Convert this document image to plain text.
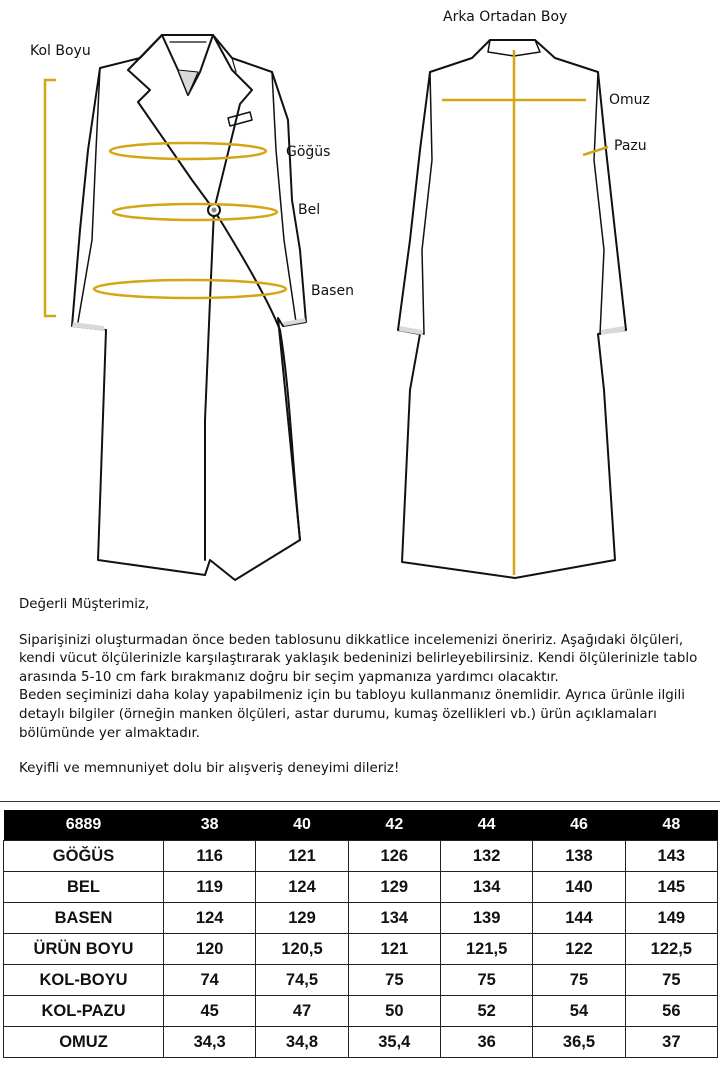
Kol Boyu
Göğüs
Bel
Basen
Arka Ortadan Boy
Omuz
Pazu

Değerli Müşterimiz,

Siparişinizi oluşturmadan önce beden tablosunu dikkatlice incelemenizi öneririz. Aşağıdaki ölçüleri, kendi vücut ölçülerinizle karşılaştırarak yaklaşık bedeninizi belirleyebilirsiniz. Kendi ölçülerinizle tablo arasında 5-10 cm fark bırakmanız doğru bir seçim yapmanıza yardımcı olacaktır.

Beden seçiminizi daha kolay yapabilmeniz için bu tabloyu kullanmanız önemlidir. Ayrıca ürünle ilgili detaylı bilgiler (örneğin manken ölçüleri, astar durumu, kumaş özellikleri vb.) ürün açıklamaları bölümünde yer almaktadır.

Keyifli ve memnuniyet dolu bir alışveriş deneyimi dileriz!

6889	38	40	42	44	46	48
GÖĞÜS	116	121	126	132	138	143
BEL	119	124	129	134	140	145
BASEN	124	129	134	139	144	149
ÜRÜN BOYU	120	120,5	121	121,5	122	122,5
KOL-BOYU	74	74,5	75	75	75	75
KOL-PAZU	45	47	50	52	54	56
OMUZ	34,3	34,8	35,4	36	36,5	37
